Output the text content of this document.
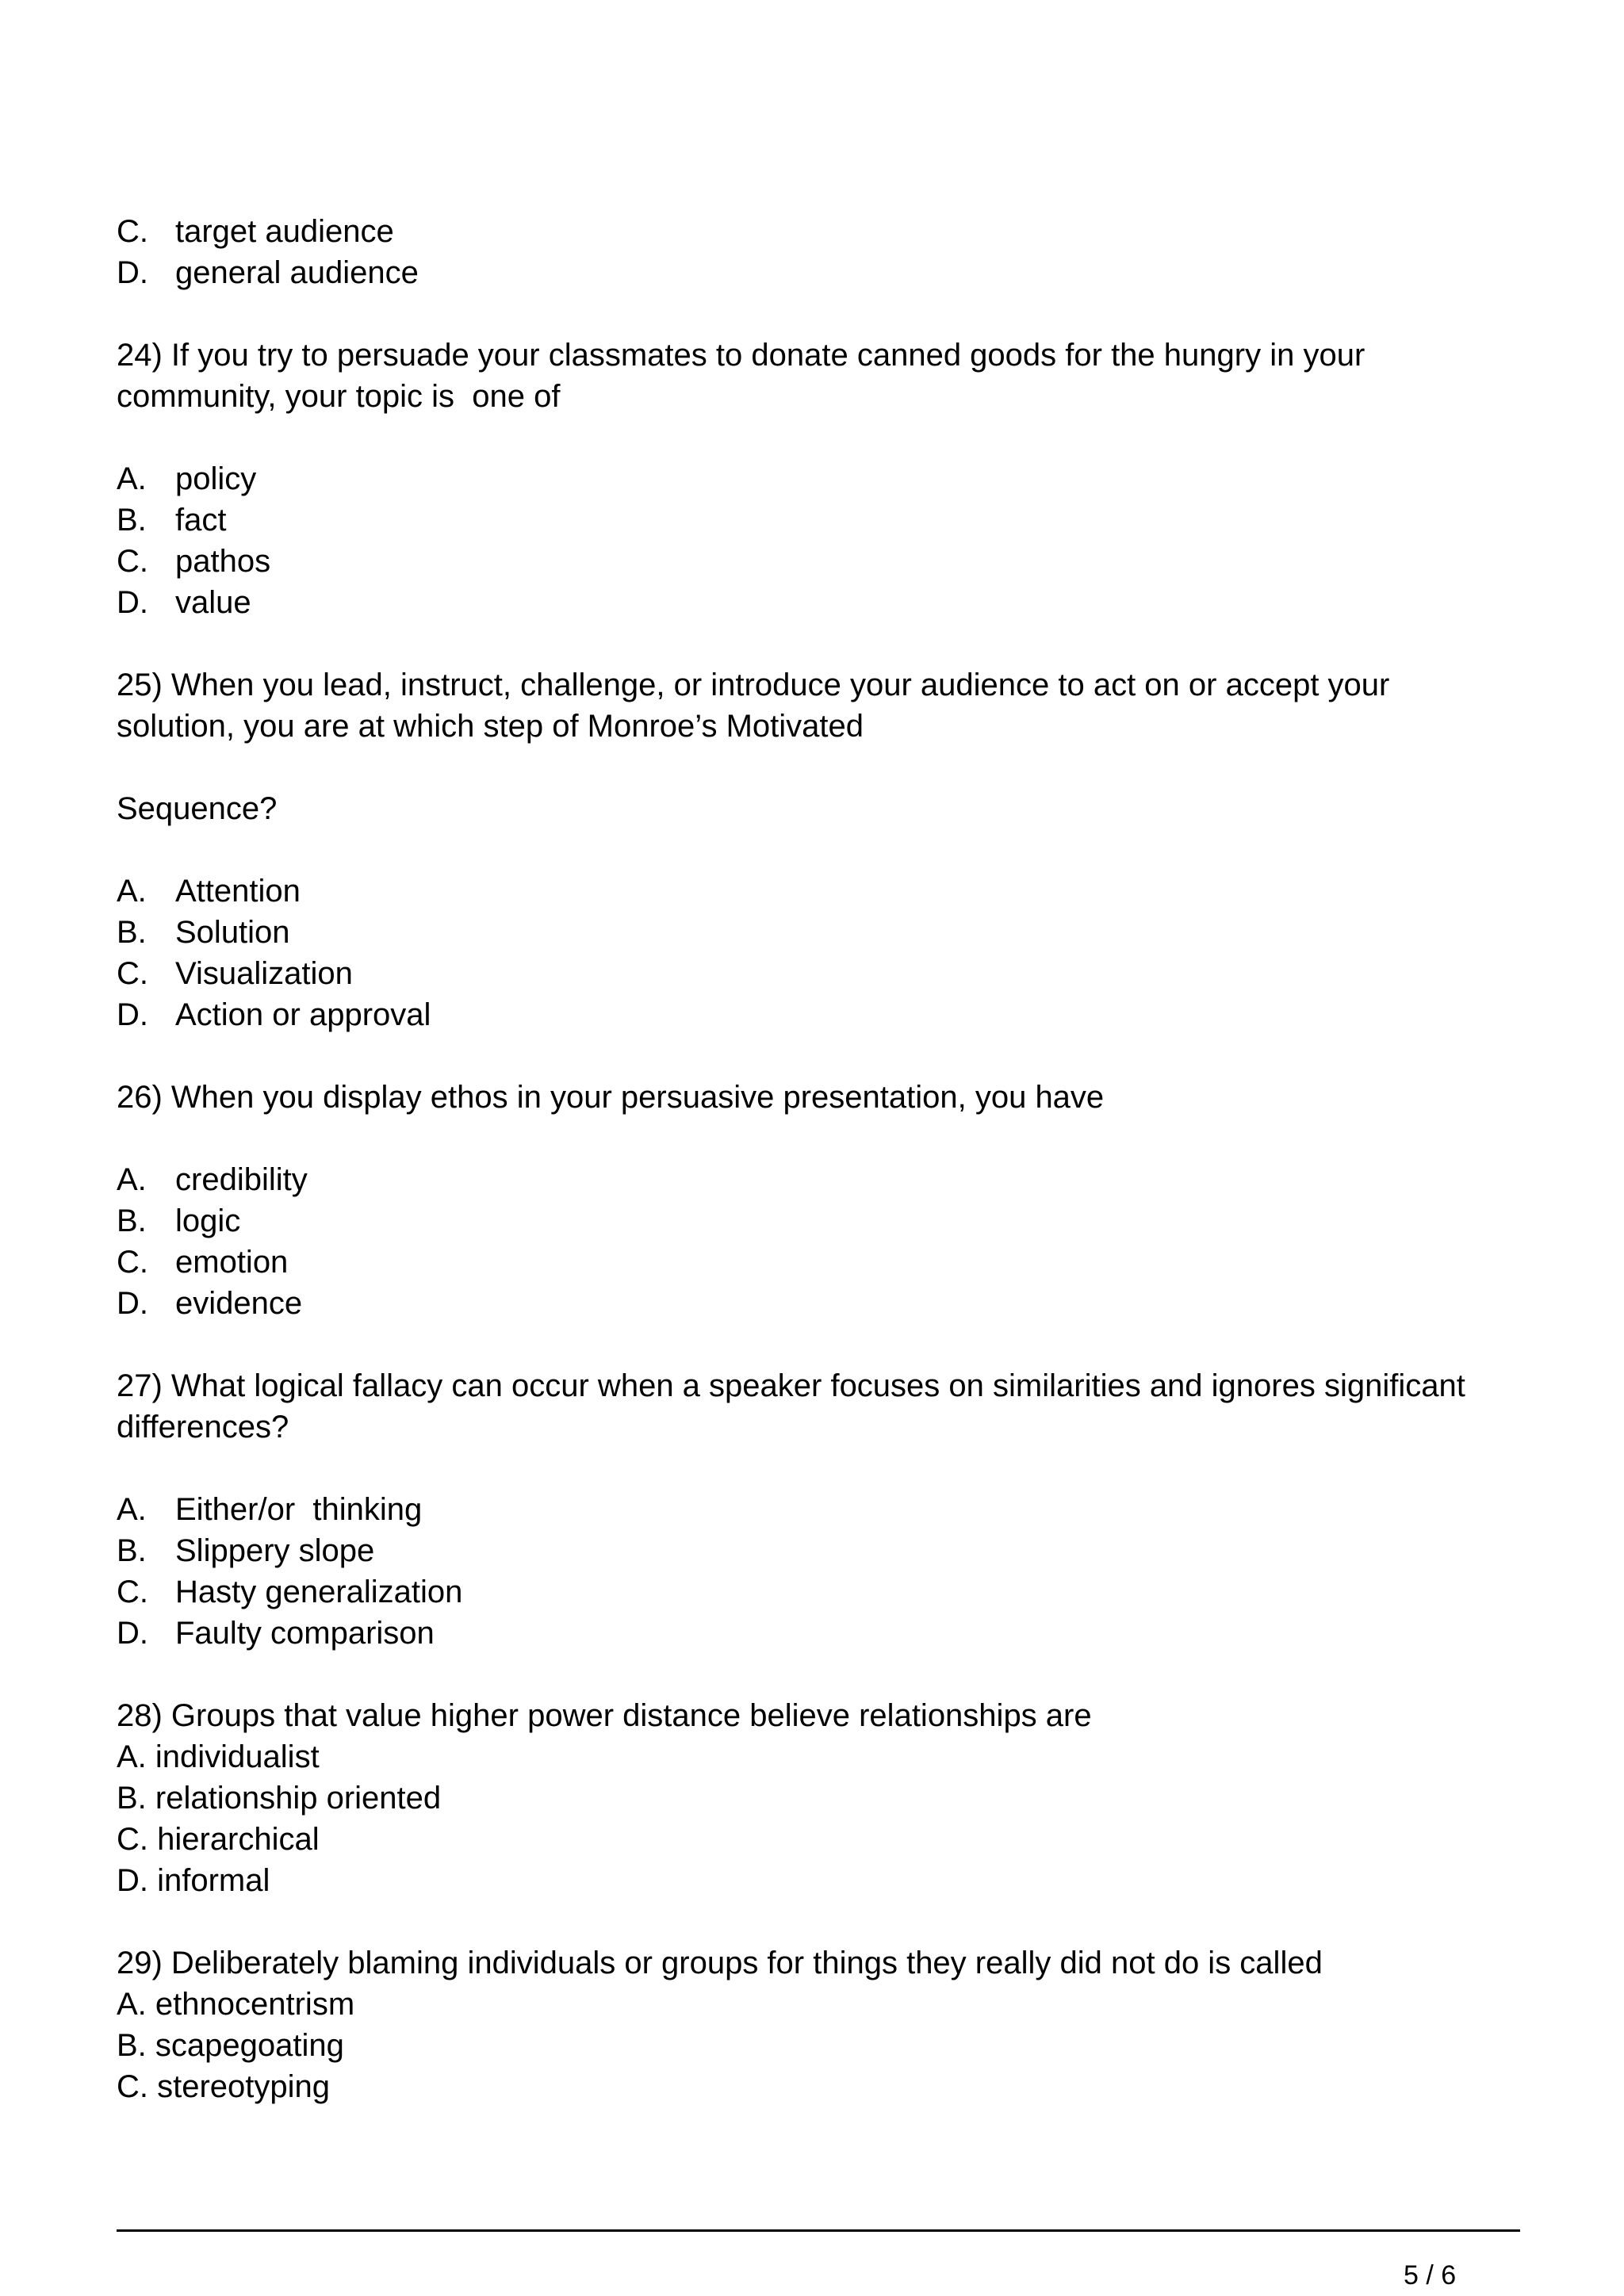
C. target audience
D. general audience
24) If you try to persuade your classmates to donate canned goods for the hungry in your
community, your topic is  one of
A. policy
B. fact
C. pathos
D. value
25) When you lead, instruct, challenge, or introduce your audience to act on or accept your
solution, you are at which step of Monroe’s Motivated
Sequence?
A. Attention
B. Solution
C. Visualization
D. Action or approval
26) When you display ethos in your persuasive presentation, you have
A. credibility
B. logic
C. emotion
D. evidence
27) What logical fallacy can occur when a speaker focuses on similarities and ignores significant
differences?
A. Either/or  thinking
B. Slippery slope
C. Hasty generalization
D. Faulty comparison
28) Groups that value higher power distance believe relationships are
A. individualist
B. relationship oriented
C. hierarchical
D. informal
29) Deliberately blaming individuals or groups for things they really did not do is called
A. ethnocentrism
B. scapegoating
C. stereotyping
5 / 6
